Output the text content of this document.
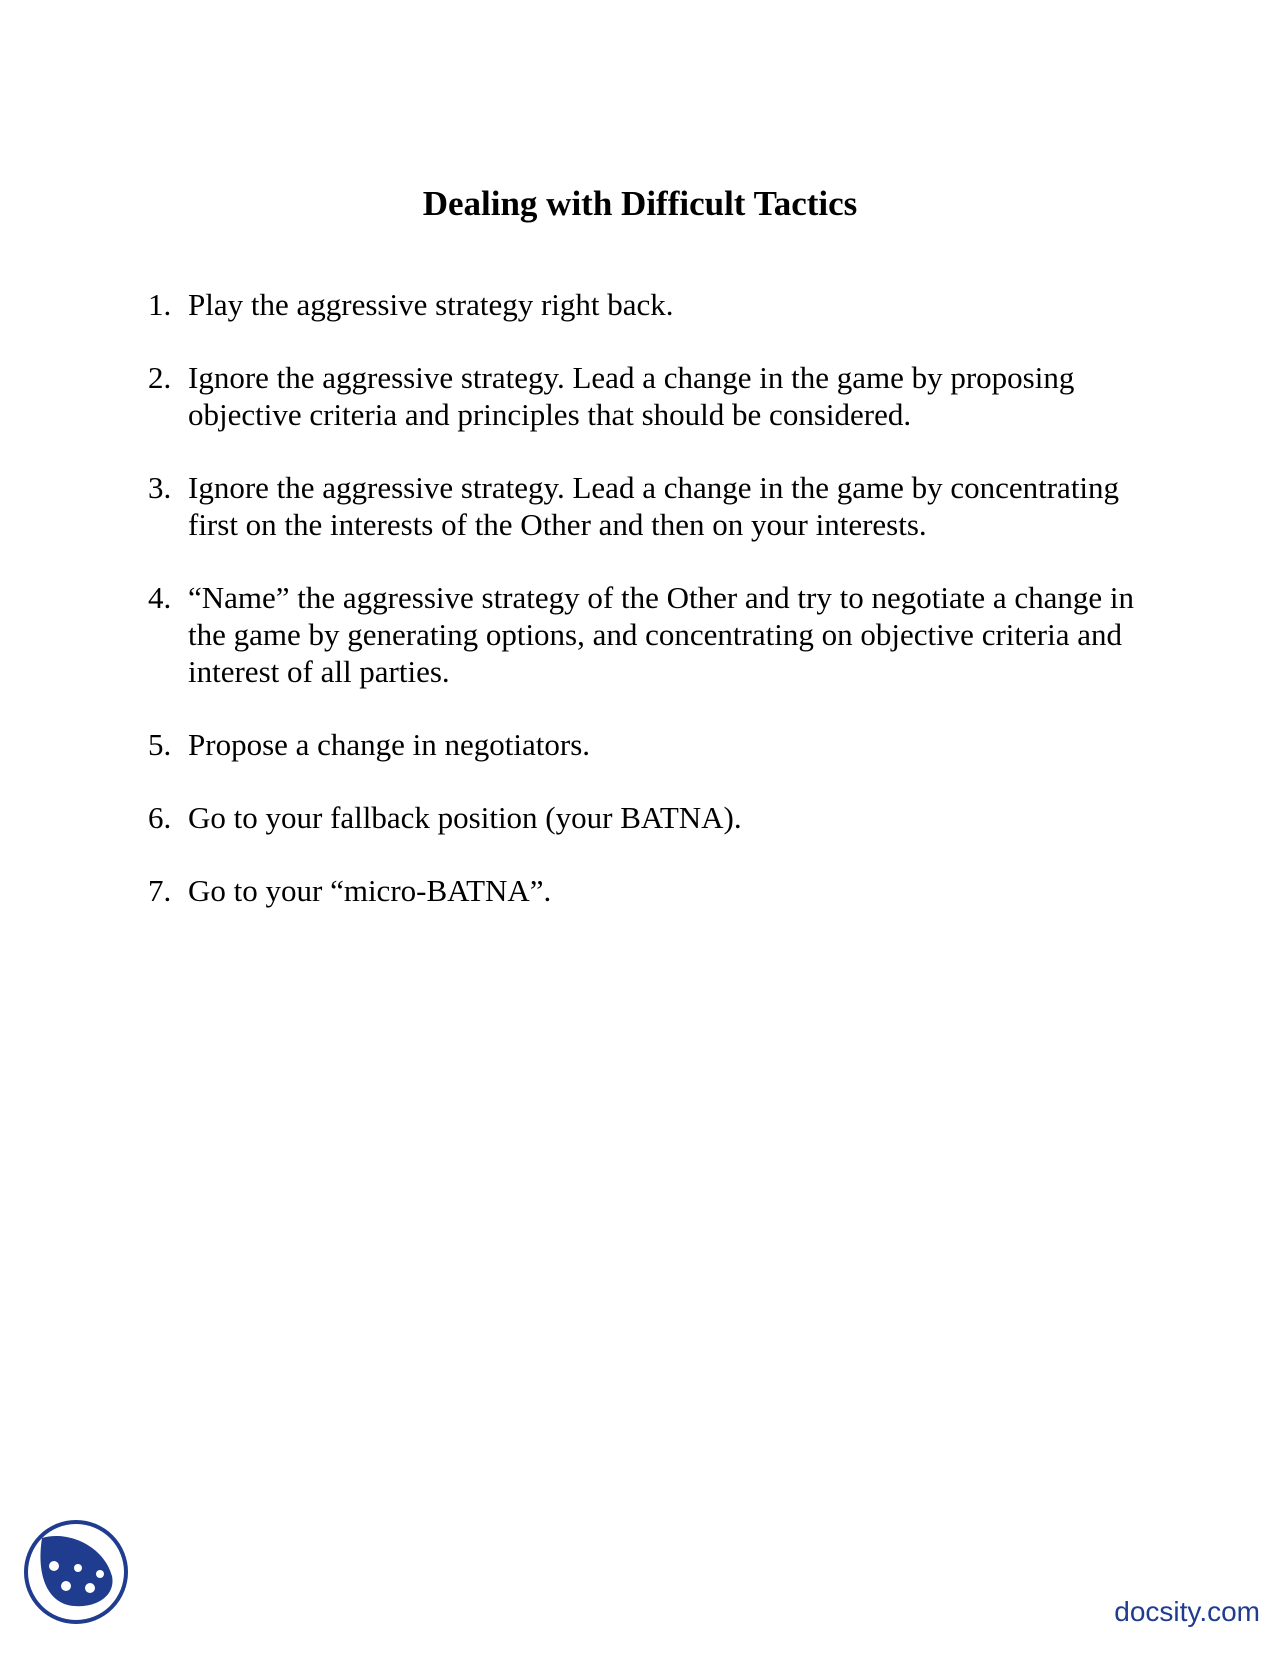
Dealing with Difficult Tactics
1. Play the aggressive strategy right back.
2. Ignore the aggressive strategy. Lead a change in the game by proposing objective criteria and principles that should be considered.
3. Ignore the aggressive strategy. Lead a change in the game by concentrating first on the interests of the Other and then on your interests.
4. “Name” the aggressive strategy of the Other and try to negotiate a change in the game by generating options, and concentrating on objective criteria and interest of all parties.
5. Propose a change in negotiators.
6. Go to your fallback position (your BATNA).
7. Go to your “micro-BATNA”.
docsity.com
